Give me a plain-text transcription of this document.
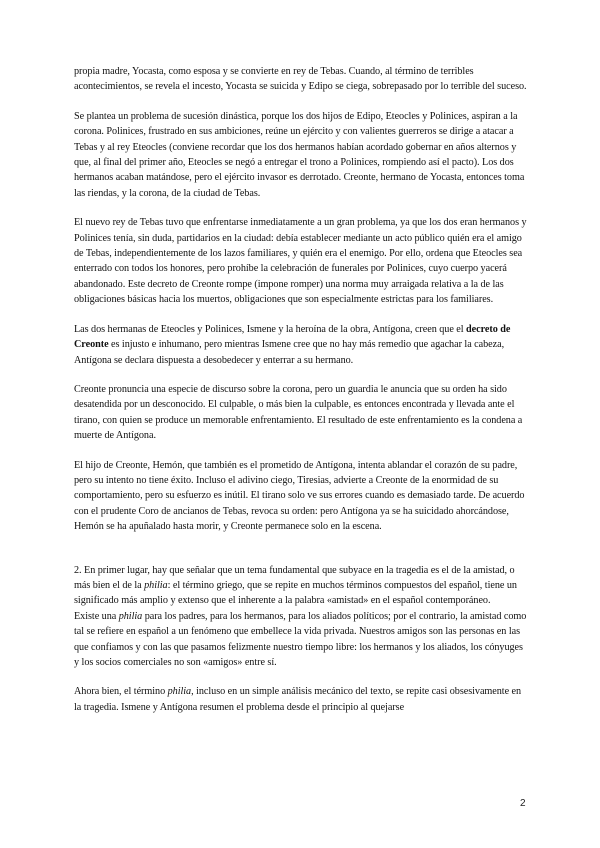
propia madre, Yocasta, como esposa y se convierte en rey de Tebas. Cuando, al término de terribles acontecimientos, se revela el incesto, Yocasta se suicida y Edipo se ciega, sobrepasado por lo terrible del suceso.

Se plantea un problema de sucesión dinástica, porque los dos hijos de Edipo, Eteocles y Polinices, aspiran a la corona. Polinices, frustrado en sus ambiciones, reúne un ejército y con valientes guerreros se dirige a atacar a Tebas y al rey Eteocles (conviene recordar que los dos hermanos habían acordado gobernar en años alternos y que, al final del primer año, Eteocles se negó a entregar el trono a Polinices, rompiendo así el pacto). Los dos hermanos acaban matándose, pero el ejército invasor es derrotado. Creonte, hermano de Yocasta, entonces toma las riendas, y la corona, de la ciudad de Tebas.

El nuevo rey de Tebas tuvo que enfrentarse inmediatamente a un gran problema, ya que los dos eran hermanos y Polinices tenía, sin duda, partidarios en la ciudad: debía establecer mediante un acto público quién era el amigo de Tebas, independientemente de los lazos familiares, y quién era el enemigo. Por ello, ordena que Eteocles sea enterrado con todos los honores, pero prohíbe la celebración de funerales por Polinices, cuyo cuerpo yacerá abandonado. Este decreto de Creonte rompe (impone romper) una norma muy arraigada relativa a la de las obligaciones básicas hacia los muertos, obligaciones que son especialmente estrictas para los familiares.

Las dos hermanas de Eteocles y Polinices, Ismene y la heroína de la obra, Antígona, creen que el decreto de Creonte es injusto e inhumano, pero mientras Ismene cree que no hay más remedio que agachar la cabeza, Antígona se declara dispuesta a desobedecer y enterrar a su hermano.

Creonte pronuncia una especie de discurso sobre la corona, pero un guardia le anuncia que su orden ha sido desatendida por un desconocido. El culpable, o más bien la culpable, es entonces encontrada y llevada ante el tirano, con quien se produce un memorable enfrentamiento. El resultado de este enfrentamiento es la condena a muerte de Antígona.

El hijo de Creonte, Hemón, que también es el prometido de Antígona, intenta ablandar el corazón de su padre, pero su intento no tiene éxito. Incluso el adivino ciego, Tiresias, advierte a Creonte de la enormidad de su comportamiento, pero su esfuerzo es inútil. El tirano solo ve sus errores cuando es demasiado tarde. De acuerdo con el prudente Coro de ancianos de Tebas, revoca su orden: pero Antígona ya se ha suicidado ahorcándose, Hemón se ha apuñalado hasta morir, y Creonte permanece solo en la escena.

2. En primer lugar, hay que señalar que un tema fundamental que subyace en la tragedia es el de la amistad, o más bien el de la philia: el término griego, que se repite en muchos términos compuestos del español, tiene un significado más amplio y extenso que el inherente a la palabra «amistad» en el español contemporáneo.

Existe una philia para los padres, para los hermanos, para los aliados políticos; por el contrario, la amistad como tal se refiere en español a un fenómeno que embellece la vida privada. Nuestros amigos son las personas en las que confiamos y con las que pasamos felizmente nuestro tiempo libre: los hermanos y los aliados, los cónyuges y los socios comerciales no son «amigos» entre sí.

Ahora bien, el término philia, incluso en un simple análisis mecánico del texto, se repite casi obsesivamente en la tragedia. Ismene y Antígona resumen el problema desde el principio al quejarse

2
